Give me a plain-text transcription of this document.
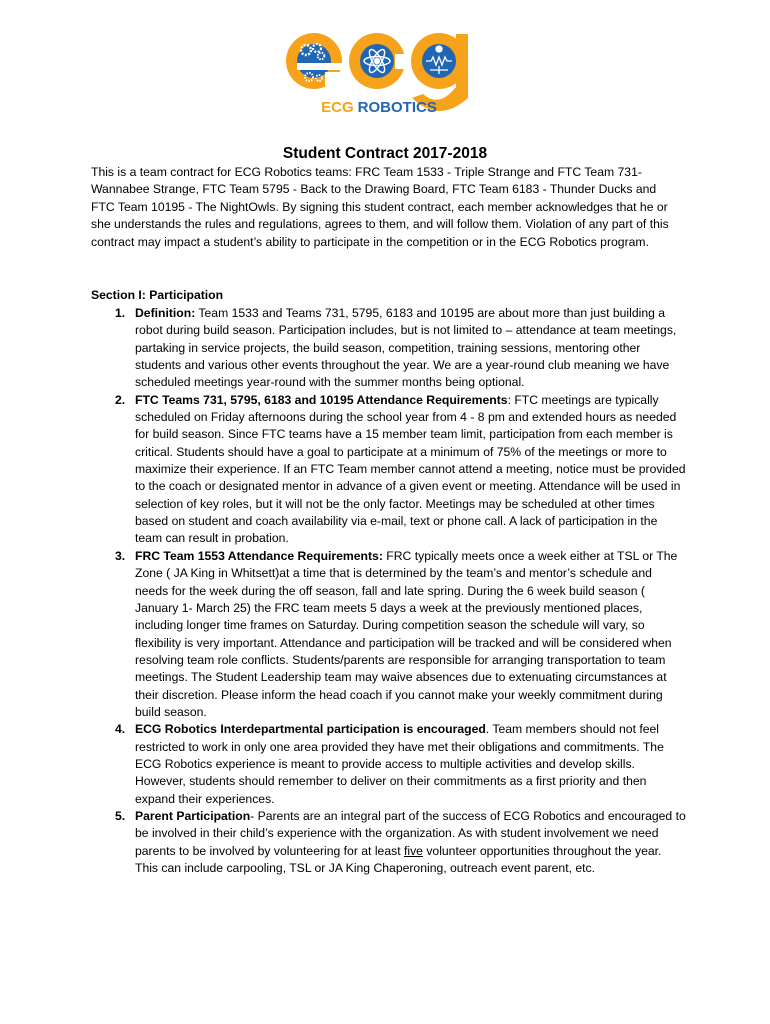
ECG ROBOTICS
Student Contract 2017-2018
This is a team contract for ECG Robotics teams: FRC Team 1533 - Triple Strange and FTC Team 731-Wannabee Strange, FTC Team 5795 - Back to the Drawing Board, FTC Team 6183 - Thunder Ducks and FTC Team 10195 - The NightOwls. By signing this student contract, each member acknowledges that he or she understands the rules and regulations, agrees to them, and will follow them. Violation of any part of this contract may impact a student’s ability to participate in the competition or in the ECG Robotics program.
Section I: Participation
1. Definition: Team 1533 and Teams 731, 5795, 6183 and 10195 are about more than just building a robot during build season. Participation includes, but is not limited to – attendance at team meetings, partaking in service projects, the build season, competition, training sessions, mentoring other students and various other events throughout the year. We are a year-round club meaning we have scheduled meetings year-round with the summer months being optional.
2. FTC Teams 731, 5795, 6183 and 10195 Attendance Requirements: FTC meetings are typically scheduled on Friday afternoons during the school year from 4 - 8 pm and extended hours as needed for build season. Since FTC teams have a 15 member team limit, participation from each member is critical. Students should have a goal to participate at a minimum of 75% of the meetings or more to maximize their experience. If an FTC Team member cannot attend a meeting, notice must be provided to the coach or designated mentor in advance of a given event or meeting. Attendance will be used in selection of key roles, but it will not be the only factor. Meetings may be scheduled at other times based on student and coach availability via e-mail, text or phone call. A lack of participation in the team can result in probation.
3. FRC Team 1553 Attendance Requirements: FRC typically meets once a week either at TSL or The Zone ( JA King in Whitsett)at a time that is determined by the team’s and mentor’s schedule and needs for the week during the off season, fall and late spring. During the 6 week build season ( January 1- March 25) the FRC team meets 5 days a week at the previously mentioned places, including longer time frames on Saturday. During competition season the schedule will vary, so flexibility is very important. Attendance and participation will be tracked and will be considered when resolving team role conflicts. Students/parents are responsible for arranging transportation to team meetings. The Student Leadership team may waive absences due to extenuating circumstances at their discretion. Please inform the head coach if you cannot make your weekly commitment during build season.
4. ECG Robotics Interdepartmental participation is encouraged. Team members should not feel restricted to work in only one area provided they have met their obligations and commitments. The ECG Robotics experience is meant to provide access to multiple activities and develop skills. However, students should remember to deliver on their commitments as a first priority and then expand their experiences.
5. Parent Participation- Parents are an integral part of the success of ECG Robotics and encouraged to be involved in their child’s experience with the organization. As with student involvement we need parents to be involved by volunteering for at least five volunteer opportunities throughout the year. This can include carpooling, TSL or JA King Chaperoning, outreach event parent, etc.
